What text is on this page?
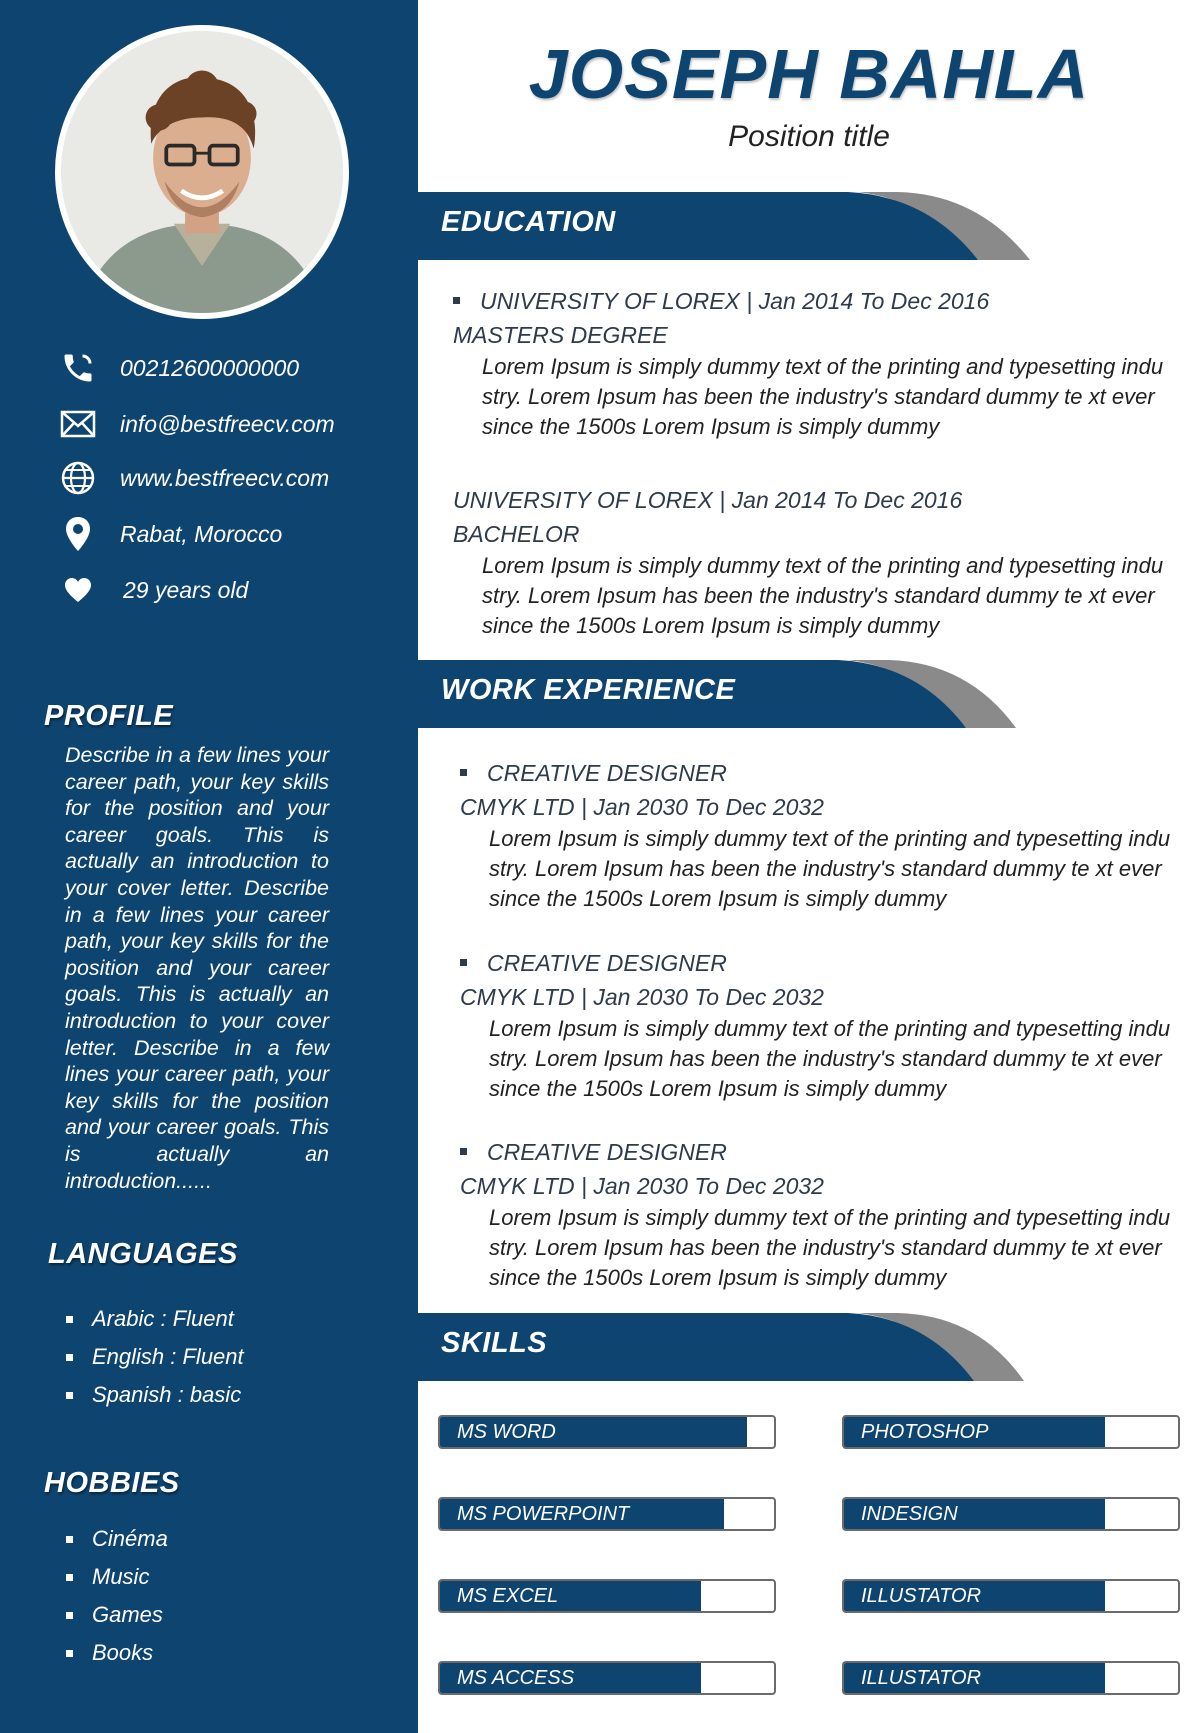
00212600000000
info@bestfreecv.com
www.bestfreecv.com
Rabat, Morocco
29 years old
PROFILE
Describe in a few lines your career path, your key skills for the position and your career goals. This is actually an introduction to your cover letter. Describe in a few lines your career path, your key skills for the position and your career goals. This is actually an introduction to your cover letter. Describe in a few lines your career path, your key skills for the position and your career goals. This is actually an introduction......
LANGUAGES
Arabic : Fluent
English : Fluent
Spanish : basic
HOBBIES
Cinéma
Music
Games
Books
JOSEPH BAHLA
Position title
EDUCATION
UNIVERSITY OF LOREX | Jan 2014 To Dec 2016
MASTERS DEGREE
Lorem Ipsum is simply dummy text of the printing and typesetting indu stry. Lorem Ipsum has been the industry's standard dummy te xt ever since the 1500s Lorem Ipsum is simply dummy
UNIVERSITY OF LOREX | Jan 2014 To Dec 2016
BACHELOR
Lorem Ipsum is simply dummy text of the printing and typesetting indu stry. Lorem Ipsum has been the industry's standard dummy te xt ever since the 1500s Lorem Ipsum is simply dummy
WORK EXPERIENCE
CREATIVE DESIGNER
CMYK LTD | Jan 2030 To Dec 2032
Lorem Ipsum is simply dummy text of the printing and typesetting indu stry. Lorem Ipsum has been the industry's standard dummy te xt ever since the 1500s Lorem Ipsum is simply dummy
CREATIVE DESIGNER
CMYK LTD | Jan 2030 To Dec 2032
Lorem Ipsum is simply dummy text of the printing and typesetting indu stry. Lorem Ipsum has been the industry's standard dummy te xt ever since the 1500s Lorem Ipsum is simply dummy
CREATIVE DESIGNER
CMYK LTD | Jan 2030 To Dec 2032
Lorem Ipsum is simply dummy text of the printing and typesetting indu stry. Lorem Ipsum has been the industry's standard dummy te xt ever since the 1500s Lorem Ipsum is simply dummy
SKILLS
MS WORD	PHOTOSHOP
MS POWERPOINT	INDESIGN
MS EXCEL	ILLUSTATOR
MS ACCESS	ILLUSTATOR
